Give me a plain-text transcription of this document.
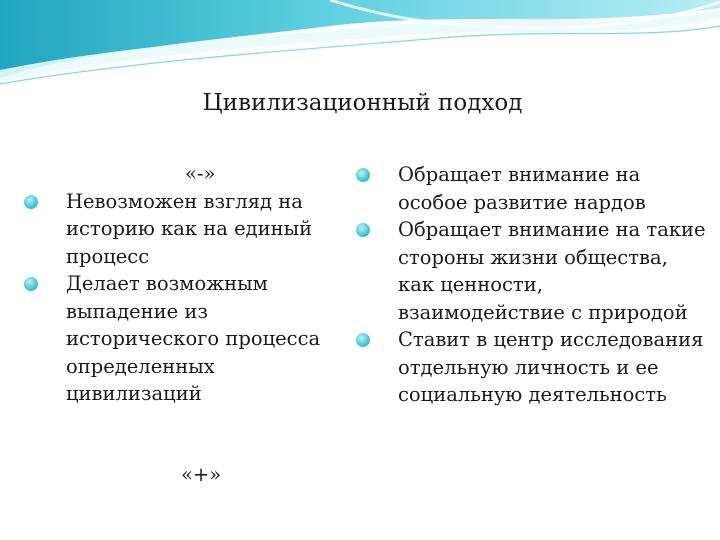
Цивилизационный подход
«-»
Невозможен взгляд на историю как на единый процесс
Делает возможным выпадение из исторического процесса определенных цивилизаций
«+»
Обращает внимание на особое развитие нардов
Обращает внимание на такие стороны жизни общества, как ценности, взаимодействие с природой
Ставит в центр исследования отдельную личность и ее социальную деятельность
